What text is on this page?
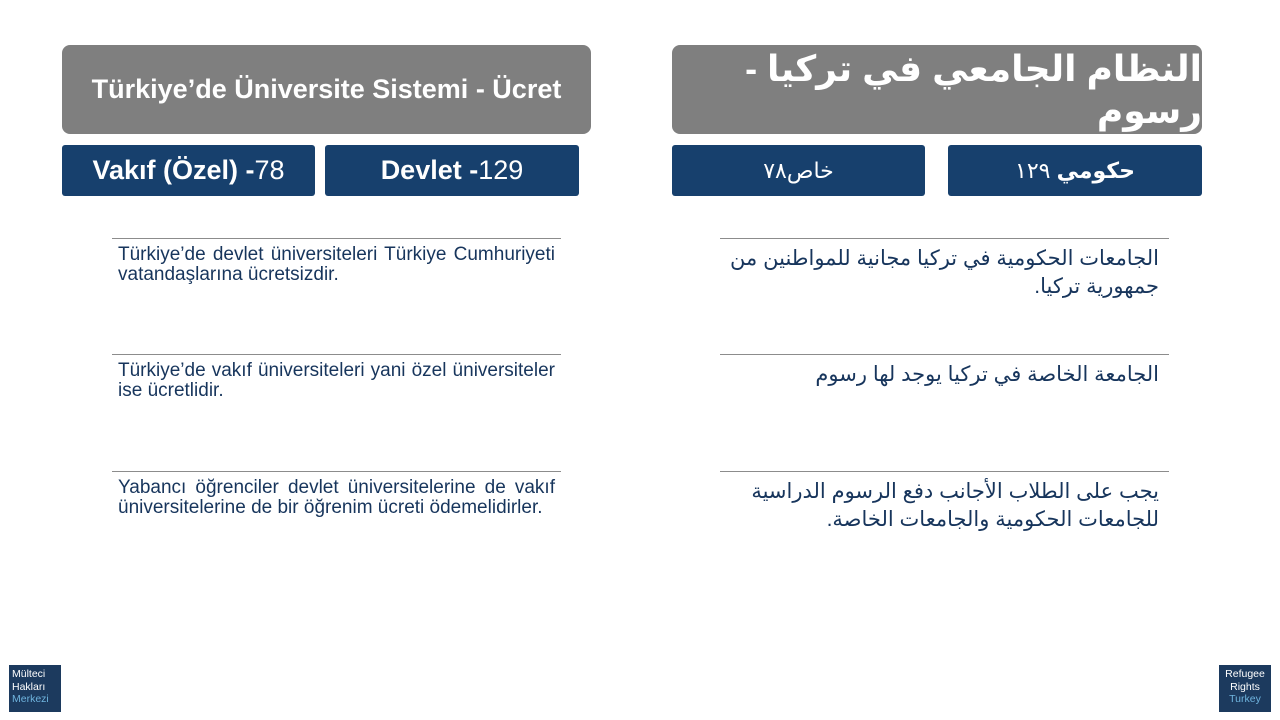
Türkiye’de Üniversite Sistemi - Ücret
النظام الجامعي في تركيا - رسوم
Vakıf (Özel) - 78	Devlet - 129	خاص
٧٨	حكومي

١٢٩
Türkiye’de devlet üniversiteleri Türkiye Cumhuriyeti vatandaşlarına ücretsizdir.
Türkiye’de vakıf üniversiteleri yani özel üniversiteler ise ücretlidir.
Yabancı öğrenciler devlet üniversitelerine de vakıf üniversitelerine de bir öğrenim ücreti ödemelidirler.
الجامعات الحكومية في تركيا مجانية للمواطنين من جمهورية تركيا.
الجامعة الخاصة في تركيا يوجد لها رسوم
يجب على الطلاب الأجانب دفع الرسوم الدراسية للجامعات الحكومية والجامعات الخاصة.
Mülteci
Hakları
Merkezi
Refugee
Rights
Turkey
